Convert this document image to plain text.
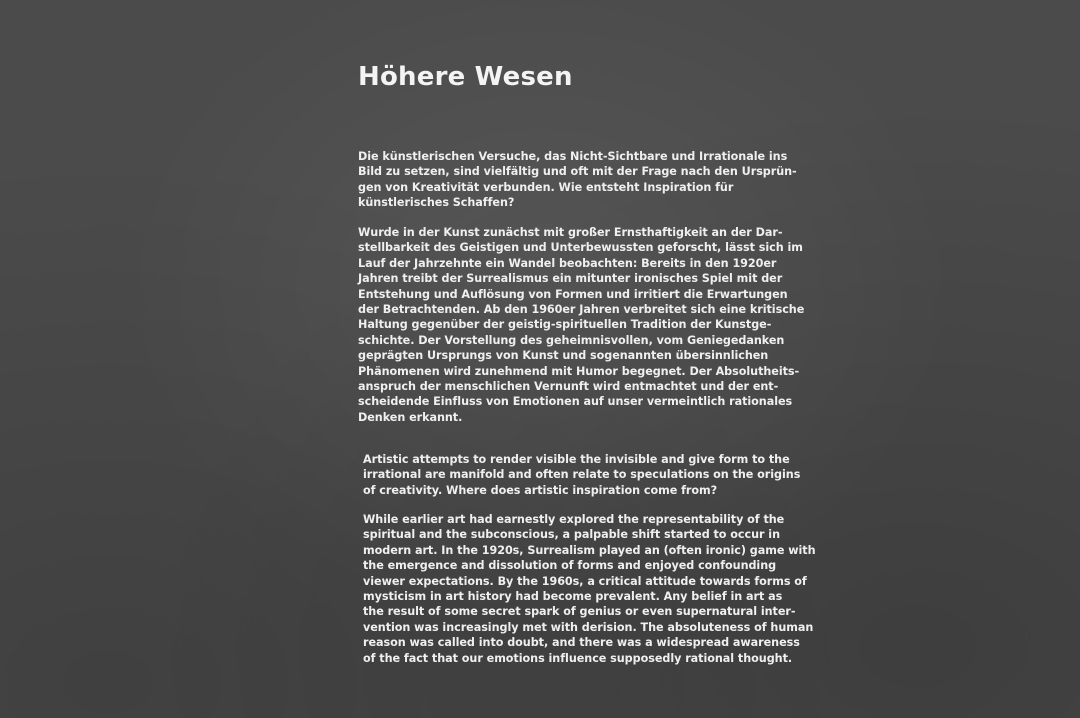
Höhere Wesen
Die künstlerischen Versuche, das Nicht-Sichtbare und Irrationale ins
Bild zu setzen, sind vielfältig und oft mit der Frage nach den Ursprün-
gen von Kreativität verbunden. Wie entsteht Inspiration für
künstlerisches Schaffen?
Wurde in der Kunst zunächst mit großer Ernsthaftigkeit an der Dar-
stellbarkeit des Geistigen und Unterbewussten geforscht, lässt sich im
Lauf der Jahrzehnte ein Wandel beobachten: Bereits in den 1920er
Jahren treibt der Surrealismus ein mitunter ironisches Spiel mit der
Entstehung und Auflösung von Formen und irritiert die Erwartungen
der Betrachtenden. Ab den 1960er Jahren verbreitet sich eine kritische
Haltung gegenüber der geistig-spirituellen Tradition der Kunstge-
schichte. Der Vorstellung des geheimnisvollen, vom Geniegedanken
geprägten Ursprungs von Kunst und sogenannten übersinnlichen
Phänomenen wird zunehmend mit Humor begegnet. Der Absolutheits-
anspruch der menschlichen Vernunft wird entmachtet und der ent-
scheidende Einfluss von Emotionen auf unser vermeintlich rationales
Denken erkannt.
Artistic attempts to render visible the invisible and give form to the
irrational are manifold and often relate to speculations on the origins
of creativity. Where does artistic inspiration come from?
While earlier art had earnestly explored the representability of the
spiritual and the subconscious, a palpable shift started to occur in
modern art. In the 1920s, Surrealism played an (often ironic) game with
the emergence and dissolution of forms and enjoyed confounding
viewer expectations. By the 1960s, a critical attitude towards forms of
mysticism in art history had become prevalent. Any belief in art as
the result of some secret spark of genius or even supernatural inter-
vention was increasingly met with derision. The absoluteness of human
reason was called into doubt, and there was a widespread awareness
of the fact that our emotions influence supposedly rational thought.
